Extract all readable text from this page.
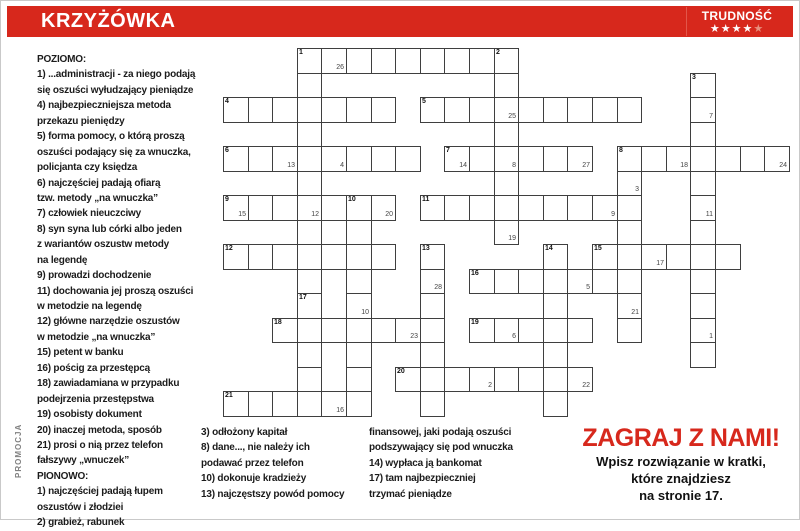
KRZYŻÓWKA	TRUDNOŚĆ
★★★★★
PROMOCJA
POZIOMO:
1) ...administracji - za niego podają
się oszuści wyłudzający pieniądze
4) najbezpieczniejsza metoda
przekazu pieniędzy
5) forma pomocy, o którą proszą
oszuści podający się za wnuczka,
policjanta czy księdza
6) najczęściej padają ofiarą
tzw. metody „na wnuczka”
7) człowiek nieuczciwy
8) syn syna lub córki albo jeden
z wariantów oszustw metody
na legendę
9) prowadzi dochodzenie
11) dochowania jej proszą oszuści
w metodzie na legendę
12) główne narzędzie oszustów
w metodzie „na wnuczka”
15) petent w banku
16) pościg za przestępcą
18) zawiadamiana w przypadku
podejrzenia przestępstwa
19) osobisty dokument
20) inaczej metoda, sposób
21) prosi o nią przez telefon
fałszywy „wnuczek”
PIONOWO:
1) najczęściej padają łupem
oszustów i złodziei
2) grabież, rabunek
1
26
2
4	5
25
6
13	4
7
14	8	27
8
18	24
9
15	12
10
20
11
9
12	15
17
16
5
18
23
19
6
20
2	22
21
16
19
3
7
11
1
3
21
10
13
28
14
17
3) odłożony kapitał
8) dane..., nie należy ich
podawać przez telefon
10) dokonuje kradzieży
13) najczęstszy powód pomocy
finansowej, jaki podają oszuści
podszywający się pod wnuczka
14) wypłaca ją bankomat
17) tam najbezpieczniej
trzymać pieniądze
ZAGRAJ Z NAMI!
Wpisz rozwiązanie w kratki,
które znajdziesz
na stronie 17.
